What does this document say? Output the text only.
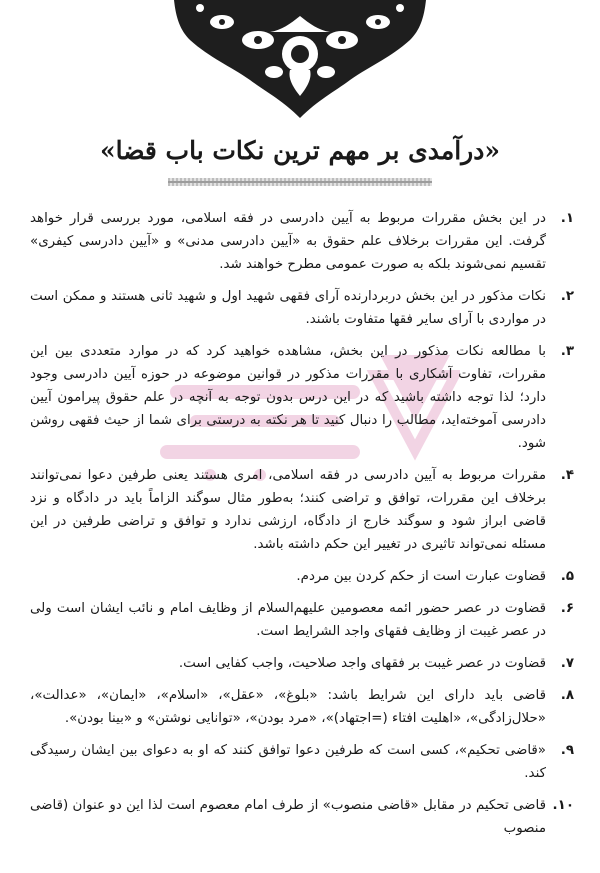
«درآمدی بر مهم ترین نکات باب قضا»
۱.
در این بخش مقررات مربوط به آیین دادرسی در فقه اسلامی، مورد بررسی قرار خواهد گرفت. این مقررات برخلاف علم حقوق به «آیین دادرسی مدنی» و «آیین دادرسی کیفری» تقسیم نمی‌شوند بلکه به صورت عمومی مطرح خواهند شد.
۲.
نکات مذکور در این بخش دربردارنده آرای فقهی شهید اول و شهید ثانی هستند و ممکن است در مواردی با آرای سایر فقها متفاوت باشند.
۳.
با مطالعه نکات مذکور در این بخش، مشاهده خواهید کرد که در موارد متعددی بین این مقررات، تفاوت آشکاری با مقررات مذکور در قوانین موضوعه در حوزه آیین دادرسی وجود دارد؛ لذا توجه داشته باشید که در این درس بدون توجه به آنچه در علم حقوق پیرامون آیین دادرسی آموخته‌اید، مطالب را دنبال کنید تا هر نکته به درستی برای شما از حیث فقهی روشن شود.
۴.
مقررات مربوط به آیین دادرسی در فقه اسلامی، امری هستند یعنی طرفین دعوا نمی‌توانند برخلاف این مقررات، توافق و تراضی کنند؛ به‌طور مثال سوگند الزاماً باید در دادگاه و نزد قاضی ابراز شود و سوگند خارج از دادگاه، ارزشی ندارد و توافق و تراضی طرفین در این مسئله نمی‌تواند تاثیری در تغییر این حکم داشته باشد.
۵.
قضاوت عبارت است از حکم کردن بین مردم.
۶.
قضاوت در عصر حضور ائمه معصومین علیهم‌السلام از وظایف امام و نائب ایشان است ولی در عصر غیبت از وظایف فقهای واجد الشرایط است.
۷.
قضاوت در عصر غیبت بر فقهای واجد صلاحیت، واجب کفایی است.
۸.
قاضی باید دارای این شرایط باشد: «بلوغ»، «عقل»، «اسلام»، «ایمان»، «عدالت»، «حلال‌زادگی»، «اهلیت افتاء (=اجتهاد)»، «مرد بودن»، «توانایی نوشتن» و «بینا بودن».
۹.
«قاضی تحکیم»، کسی است که طرفین دعوا توافق کنند که او به دعوای بین ایشان رسیدگی کند.
۱۰.
قاضی تحکیم در مقابل «قاضی منصوب» از طرف امام معصوم است لذا این دو عنوان (قاضی منصوب
